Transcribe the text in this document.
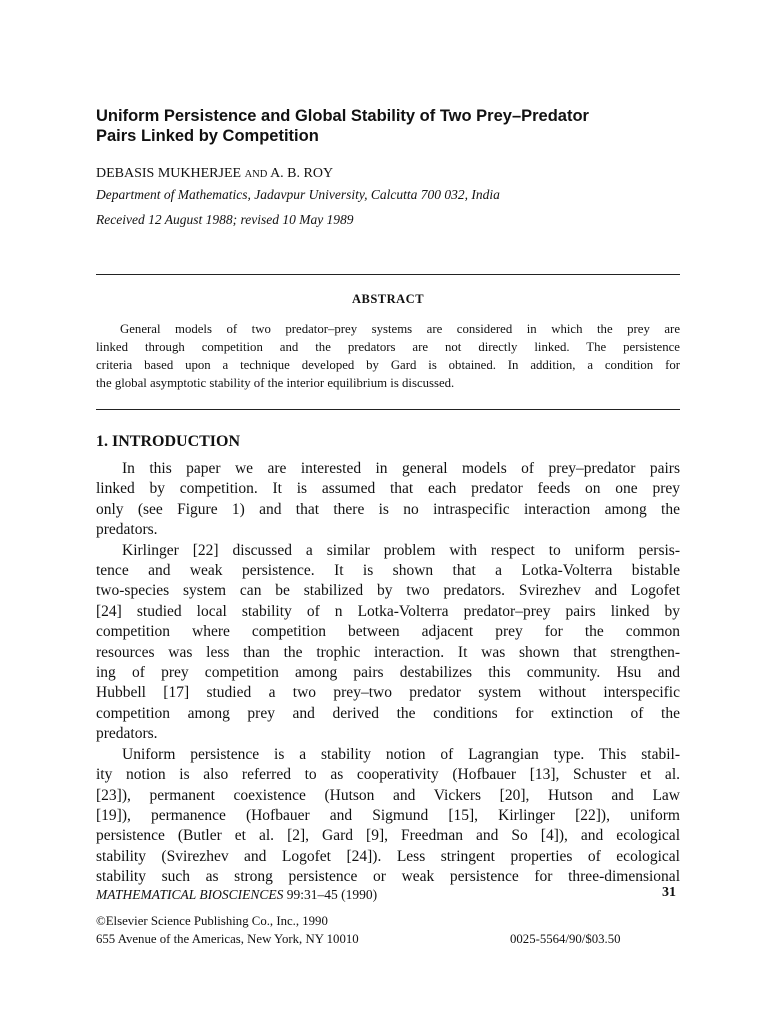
Uniform Persistence and Global Stability of Two Prey–Predator
Pairs Linked by Competition
DEBASIS MUKHERJEE AND A. B. ROY
Department of Mathematics, Jadavpur University, Calcutta 700 032, India
Received 12 August 1988; revised 10 May 1989
ABSTRACT
General models of two predator–prey systems are considered in which the prey are
linked through competition and the predators are not directly linked. The persistence
criteria based upon a technique developed by Gard is obtained. In addition, a condition for
the global asymptotic stability of the interior equilibrium is discussed.
1. INTRODUCTION
In this paper we are interested in general models of prey–predator pairs
linked by competition. It is assumed that each predator feeds on one prey
only (see Figure 1) and that there is no intraspecific interaction among the
predators.
Kirlinger [22] discussed a similar problem with respect to uniform persis-
tence and weak persistence. It is shown that a Lotka-Volterra bistable
two-species system can be stabilized by two predators. Svirezhev and Logofet
[24] studied local stability of n Lotka-Volterra predator–prey pairs linked by
competition where competition between adjacent prey for the common
resources was less than the trophic interaction. It was shown that strengthen-
ing of prey competition among pairs destabilizes this community. Hsu and
Hubbell [17] studied a two prey–two predator system without interspecific
competition among prey and derived the conditions for extinction of the
predators.
Uniform persistence is a stability notion of Lagrangian type. This stabil-
ity notion is also referred to as cooperativity (Hofbauer [13], Schuster et al.
[23]), permanent coexistence (Hutson and Vickers [20], Hutson and Law
[19]), permanence (Hofbauer and Sigmund [15], Kirlinger [22]), uniform
persistence (Butler et al. [2], Gard [9], Freedman and So [4]), and ecological
stability (Svirezhev and Logofet [24]). Less stringent properties of ecological
stability such as strong persistence or weak persistence for three-dimensional
MATHEMATICAL BIOSCIENCES 99:31–45 (1990)	31
©Elsevier Science Publishing Co., Inc., 1990
655 Avenue of the Americas, New York, NY 10010	0025-5564/90/$03.50
